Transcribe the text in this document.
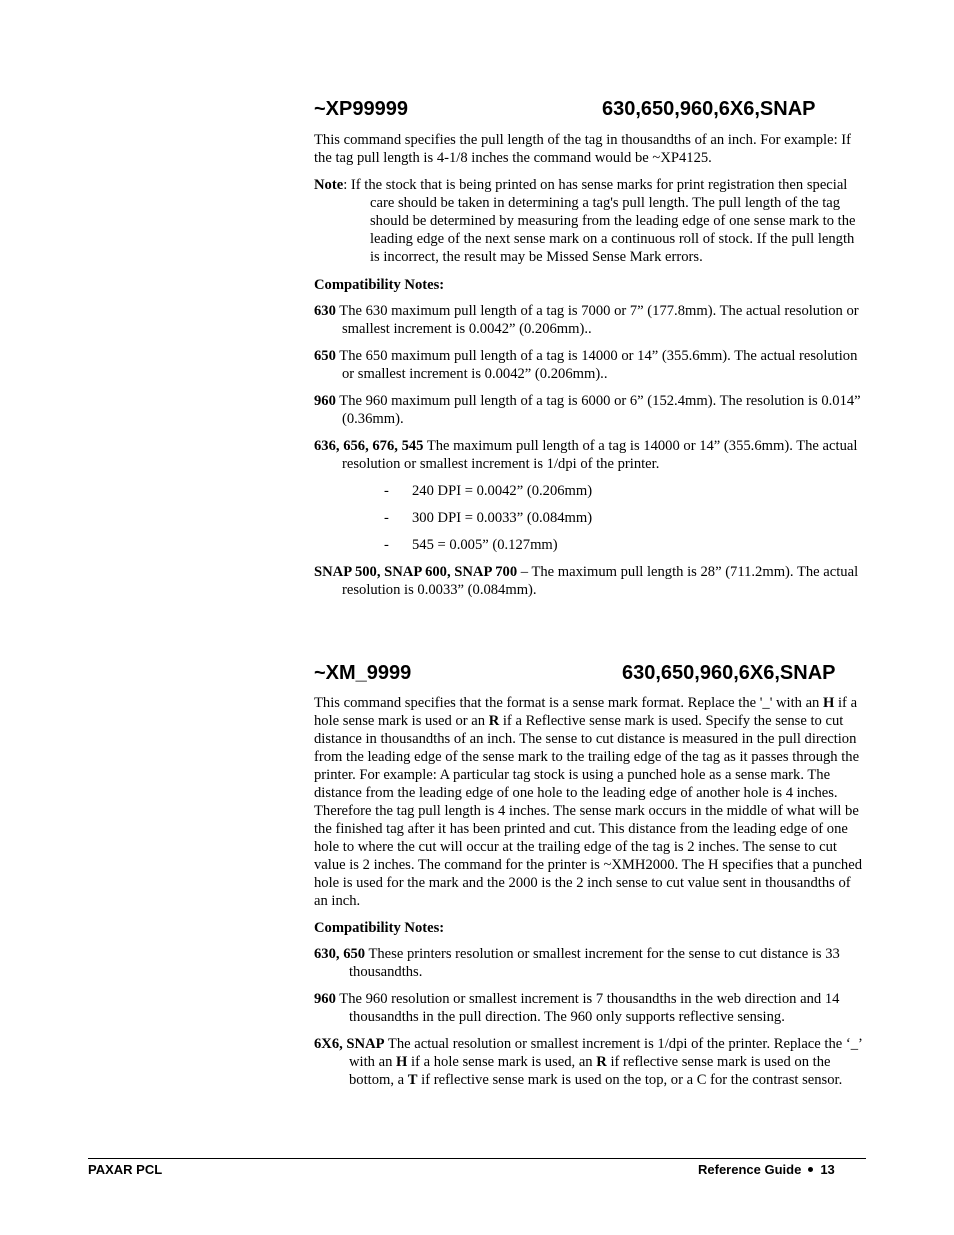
~XP99999	630,650,960,6X6,SNAP

This command specifies the pull length of the tag in thousandths of an inch. For example: If the tag pull length is 4-1/8 inches the command would be ~XP4125.

Note: If the stock that is being printed on has sense marks for print registration then special care should be taken in determining a tag's pull length. The pull length of the tag should be determined by measuring from the leading edge of one sense mark to the leading edge of the next sense mark on a continuous roll of stock. If the pull length is incorrect, the result may be Missed Sense Mark errors.

Compatibility Notes:

630 The 630 maximum pull length of a tag is 7000 or 7” (177.8mm). The actual resolution or smallest increment is 0.0042” (0.206mm)..

650 The 650 maximum pull length of a tag is 14000 or 14” (355.6mm). The actual resolution or smallest increment is 0.0042” (0.206mm)..

960 The 960 maximum pull length of a tag is 6000 or 6” (152.4mm). The resolution is 0.014” (0.36mm).

636, 656, 676, 545 The maximum pull length of a tag is 14000 or 14” (355.6mm). The actual resolution or smallest increment is 1/dpi of the printer.

- 240 DPI = 0.0042” (0.206mm)

- 300 DPI = 0.0033” (0.084mm)

- 545 = 0.005” (0.127mm)

SNAP 500, SNAP 600, SNAP 700 – The maximum pull length is 28” (711.2mm). The actual resolution is 0.0033” (0.084mm).

~XM_9999	630,650,960,6X6,SNAP

This command specifies that the format is a sense mark format. Replace the '_' with an H if a hole sense mark is used or an R if a Reflective sense mark is used. Specify the sense to cut distance in thousandths of an inch. The sense to cut distance is measured in the pull direction from the leading edge of the sense mark to the trailing edge of the tag as it passes through the printer. For example: A particular tag stock is using a punched hole as a sense mark. The distance from the leading edge of one hole to the leading edge of another hole is 4 inches. Therefore the tag pull length is 4 inches. The sense mark occurs in the middle of what will be the finished tag after it has been printed and cut. This distance from the leading edge of one hole to where the cut will occur at the trailing edge of the tag is 2 inches. The sense to cut value is 2 inches. The command for the printer is ~XMH2000. The H specifies that a punched hole is used for the mark and the 2000 is the 2 inch sense to cut value sent in thousandths of an inch.

Compatibility Notes:

630, 650 These printers resolution or smallest increment for the sense to cut distance is 33 thousandths.

960 The 960 resolution or smallest increment is 7 thousandths in the web direction and 14 thousandths in the pull direction. The 960 only supports reflective sensing.

6X6, SNAP The actual resolution or smallest increment is 1/dpi of the printer. Replace the ‘_’ with an H if a hole sense mark is used, an R if reflective sense mark is used on the bottom, a T if reflective sense mark is used on the top, or a C for the contrast sensor.

PAXAR PCL	Reference Guide 13
